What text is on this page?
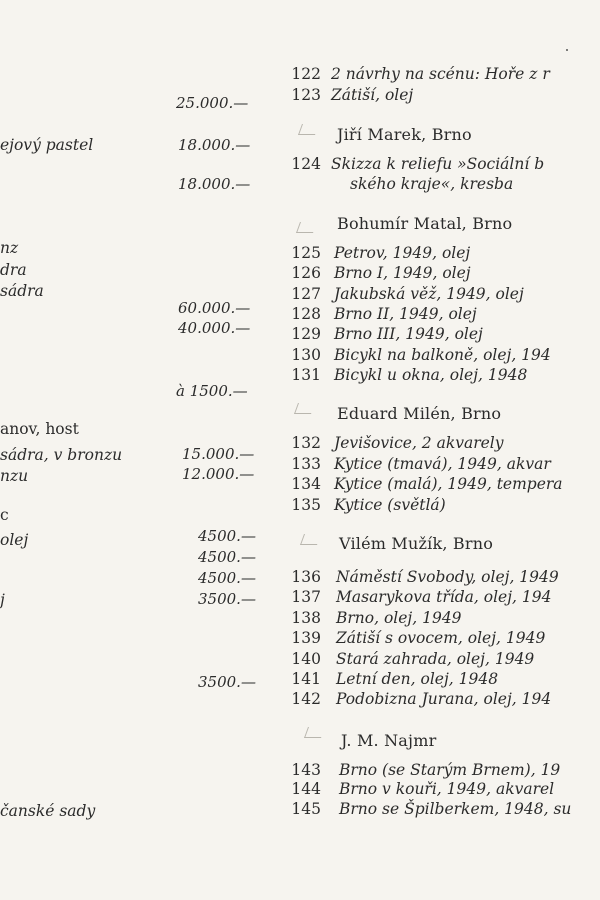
ejový pastel
nz
dra
sádra
anov, host
sádra, v bronzu
nzu
c
olej
j
čanské sady
25.000.—
18.000.—
18.000.—
60.000.—
40.000.—
à 1500.—
15.000.—
12.000.—
4500.—
4500.—
4500.—
3500.—
3500.—
Jiří Marek, Brno
Bohumír Matal, Brno
Eduard Milén, Brno
Vilém Mužík, Brno
J. M. Najmr
122 2 návrhy na scénu: Hoře z r
123 Zátiší, olej
124 Skizza k reliefu »Sociální b
ského kraje«, kresba
125 Petrov, 1949, olej
126 Brno I, 1949, olej
127 Jakubská věž, 1949, olej
128 Brno II, 1949, olej
129 Brno III, 1949, olej
130 Bicykl na balkoně, olej, 194
131 Bicykl u okna, olej, 1948
132 Jevišovice, 2 akvarely
133 Kytice (tmavá), 1949, akvar
134 Kytice (malá), 1949, tempera
135 Kytice (světlá)
136 Náměstí Svobody, olej, 1949
137 Masarykova třída, olej, 194
138 Brno, olej, 1949
139 Zátiší s ovocem, olej, 1949
140 Stará zahrada, olej, 1949
141 Letní den, olej, 1948
142 Podobizna Jurana, olej, 194
143 Brno (se Starým Brnem), 19
144 Brno v kouři, 1949, akvarel
145 Brno se Špilberkem, 1948, su
